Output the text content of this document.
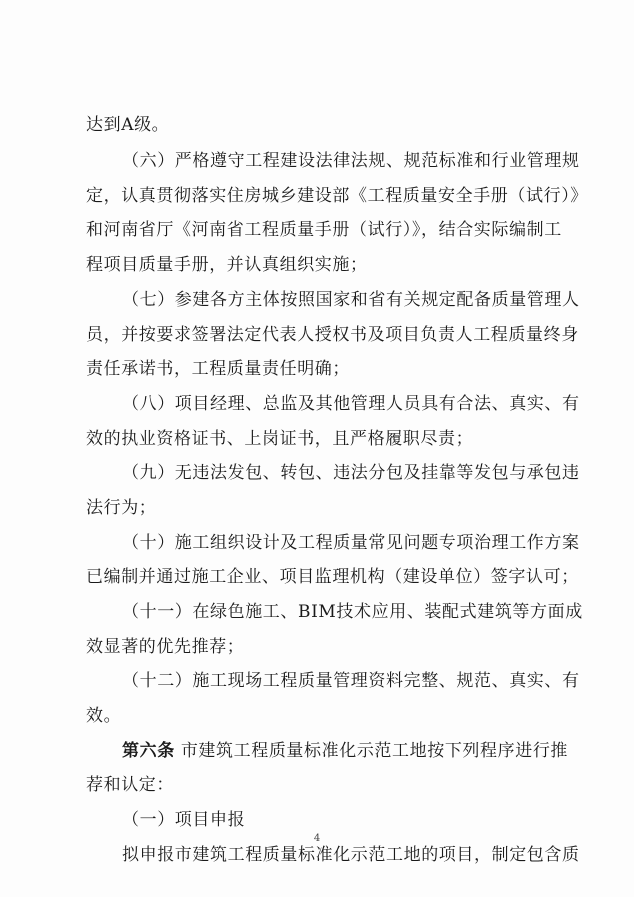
达到A级。
（六）严格遵守工程建设法律法规、规范标准和行业管理规
定，认真贯彻落实住房城乡建设部《工程质量安全手册（试行）》
和河南省厅《河南省工程质量手册（试行）》，结合实际编制工
程项目质量手册，并认真组织实施；
（七）参建各方主体按照国家和省有关规定配备质量管理人
员，并按要求签署法定代表人授权书及项目负责人工程质量终身
责任承诺书，工程质量责任明确；
（八）项目经理、总监及其他管理人员具有合法、真实、有
效的执业资格证书、上岗证书，且严格履职尽责；
（九）无违法发包、转包、违法分包及挂靠等发包与承包违
法行为；
（十）施工组织设计及工程质量常见问题专项治理工作方案
已编制并通过施工企业、项目监理机构（建设单位）签字认可；
（十一）在绿色施工、BIM技术应用、装配式建筑等方面成
效显著的优先推荐；
（十二）施工现场工程质量管理资料完整、规范、真实、有
效。
第六条 市建筑工程质量标准化示范工地按下列程序进行推
荐和认定：
（一）项目申报
拟申报市建筑工程质量标准化示范工地的项目，制定包含质
4
